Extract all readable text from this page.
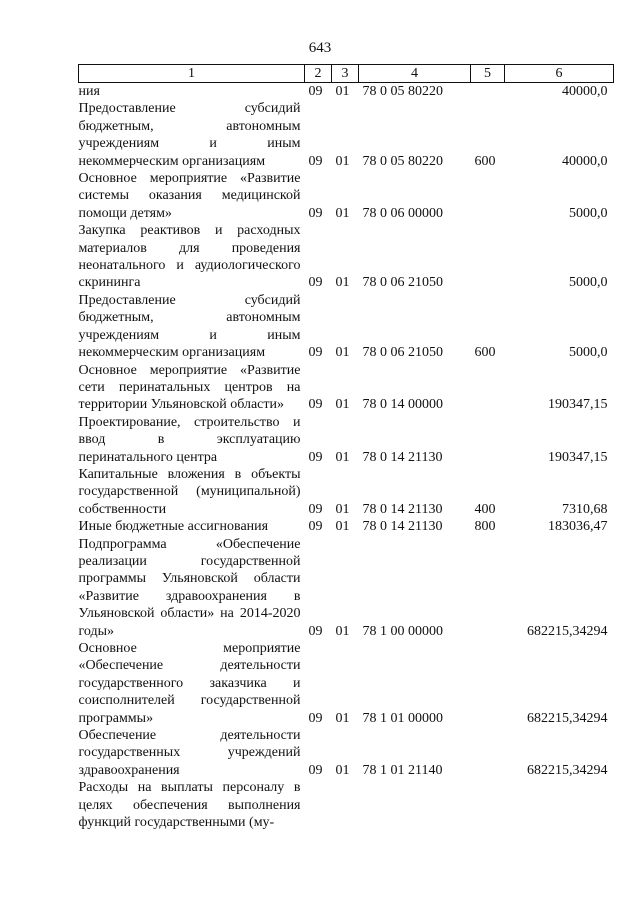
643
1	2	3	4	5	6
ния	09	01	78 0 05 80220		40000,0
Предоставление субсидий бюджетным, автономным учреждениям и иным некоммерческим организациям	09	01	78 0 05 80220	600	40000,0
Основное мероприятие «Развитие системы оказания медицинской помощи детям»	09	01	78 0 06 00000		5000,0
Закупка реактивов и расходных материалов для проведения неонатального и аудиологического скрининга	09	01	78 0 06 21050		5000,0
Предоставление субсидий бюджетным, автономным учреждениям и иным некоммерческим организациям	09	01	78 0 06 21050	600	5000,0
Основное мероприятие «Развитие сети перинатальных центров на территории Ульяновской области»	09	01	78 0 14 00000		190347,15
Проектирование, строительство и ввод в эксплуатацию перинатального центра	09	01	78 0 14 21130		190347,15
Капитальные вложения в объекты государственной (муниципальной) собственности	09	01	78 0 14 21130	400	7310,68
Иные бюджетные ассигнования	09	01	78 0 14 21130	800	183036,47
Подпрограмма «Обеспечение реализации государственной программы Ульяновской области «Развитие здравоохранения в Ульяновской области» на 2014-2020 годы»	09	01	78 1 00 00000		682215,34294
Основное мероприятие «Обеспечение деятельности государственного заказчика и соисполнителей государственной программы»	09	01	78 1 01 00000		682215,34294
Обеспечение деятельности государственных учреждений здравоохранения	09	01	78 1 01 21140		682215,34294
Расходы на выплаты персоналу в целях обеспечения выполнения функций государственными (му-					
